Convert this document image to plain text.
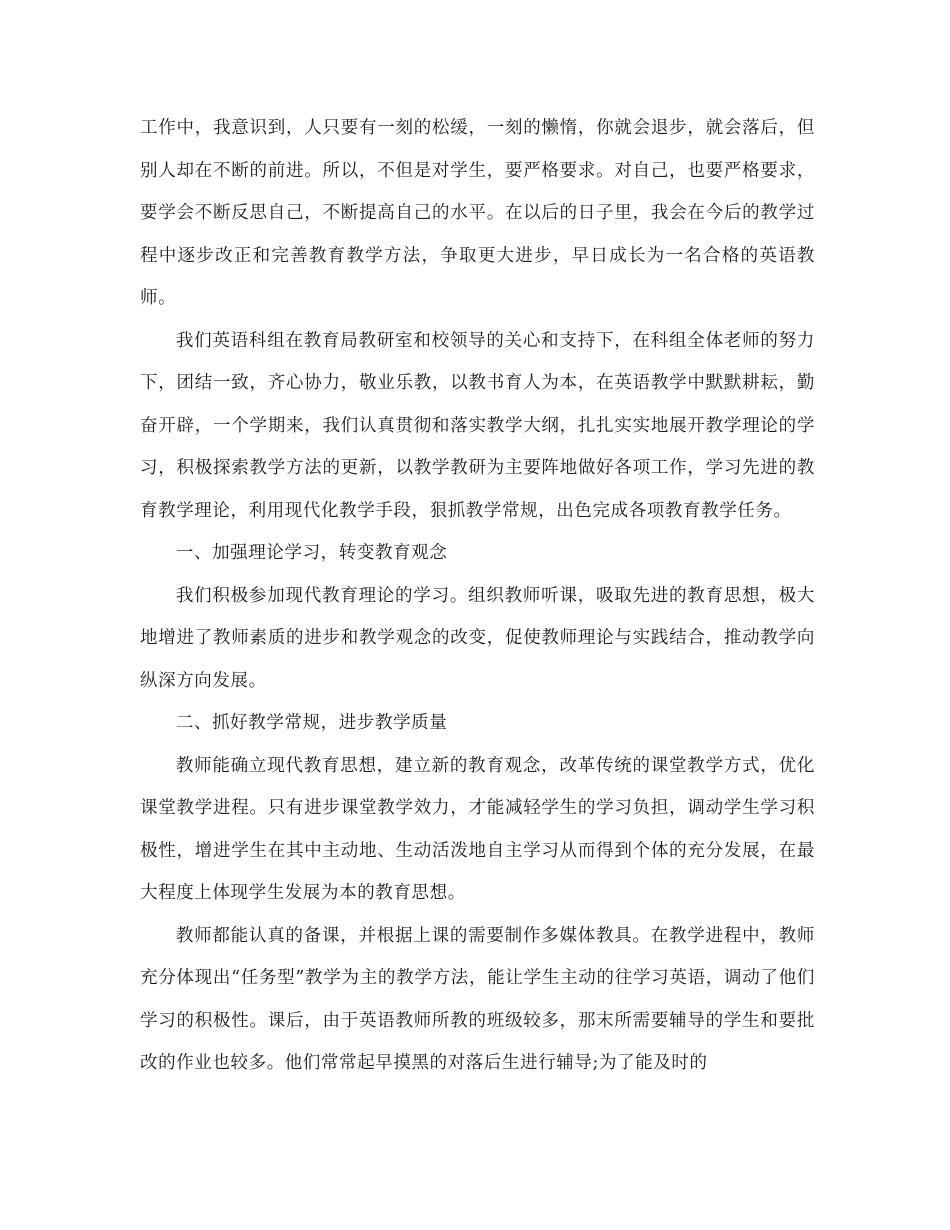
工作中，我意识到，人只要有一刻的松缓，一刻的懒惰，你就会退步，就会落后，但别人却在不断的前进。所以，不但是对学生，要严格要求。对自己，也要严格要求，要学会不断反思自己，不断提高自己的水平。在以后的日子里，我会在今后的教学过程中逐步改正和完善教育教学方法，争取更大进步，早日成长为一名合格的英语教师。

我们英语科组在教育局教研室和校领导的关心和支持下，在科组全体老师的努力下，团结一致，齐心协力，敬业乐教，以教书育人为本，在英语教学中默默耕耘，勤奋开辟，一个学期来，我们认真贯彻和落实教学大纲，扎扎实实地展开教学理论的学习，积极探索教学方法的更新，以教学教研为主要阵地做好各项工作，学习先进的教育教学理论，利用现代化教学手段，狠抓教学常规，出色完成各项教育教学任务。

一、加强理论学习，转变教育观念

我们积极参加现代教育理论的学习。组织教师听课，吸取先进的教育思想，极大地增进了教师素质的进步和教学观念的改变，促使教师理论与实践结合，推动教学向纵深方向发展。

二、抓好教学常规，进步教学质量

教师能确立现代教育思想，建立新的教育观念，改革传统的课堂教学方式，优化课堂教学进程。只有进步课堂教学效力，才能减轻学生的学习负担，调动学生学习积极性，增进学生在其中主动地、生动活泼地自主学习从而得到个体的充分发展，在最大程度上体现学生发展为本的教育思想。

教师都能认真的备课，并根据上课的需要制作多媒体教具。在教学进程中，教师充分体现出“任务型”教学为主的教学方法，能让学生主动的往学习英语，调动了他们学习的积极性。课后，由于英语教师所教的班级较多，那末所需要辅导的学生和要批改的作业也较多。他们常常起早摸黑的对落后生进行辅导;为了能及时的
